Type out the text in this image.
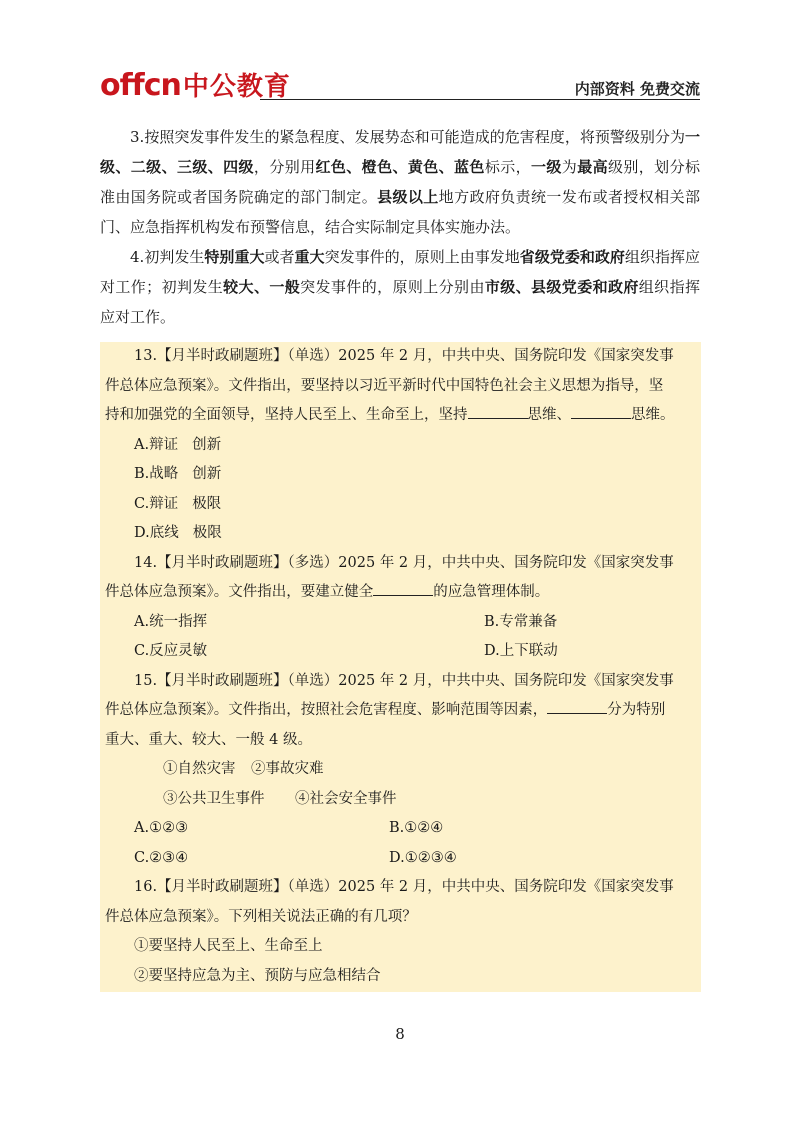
offcn 中公教育	内部资料 免费交流

3.按照突发事件发生的紧急程度、发展势态和可能造成的危害程度，将预警级别分为一级、二级、三级、四级，分别用红色、橙色、黄色、蓝色标示，一级为最高级别，划分标准由国务院或者国务院确定的部门制定。县级以上地方政府负责统一发布或者授权相关部门、应急指挥机构发布预警信息，结合实际制定具体实施办法。

4.初判发生特别重大或者重大突发事件的，原则上由事发地省级党委和政府组织指挥应对工作；初判发生较大、一般突发事件的，原则上分别由市级、县级党委和政府组织指挥应对工作。

13.【月半时政刷题班】（单选）2025 年 2 月，中共中央、国务院印发《国家突发事
件总体应急预案》。文件指出，要坚持以习近平新时代中国特色社会主义思想为指导，坚
持和加强党的全面领导，坚持人民至上、生命至上，坚持	思维、	思维。
A.辩证 创新
B.战略 创新
C.辩证 极限
D.底线 极限
14.【月半时政刷题班】（多选）2025 年 2 月，中共中央、国务院印发《国家突发事
件总体应急预案》。文件指出，要建立健全	的应急管理体制。
A.统一指挥	B.专常兼备
C.反应灵敏	D.上下联动
15.【月半时政刷题班】（单选）2025 年 2 月，中共中央、国务院印发《国家突发事
件总体应急预案》。文件指出，按照社会危害程度、影响范围等因素，	分为特别
重大、重大、较大、一般 4 级。
①自然灾害 ②事故灾难
③公共卫生事件 ④社会安全事件
A.①②③	B.①②④
C.②③④	D.①②③④
16.【月半时政刷题班】（单选）2025 年 2 月，中共中央、国务院印发《国家突发事
件总体应急预案》。下列相关说法正确的有几项？
①要坚持人民至上、生命至上
②要坚持应急为主、预防与应急相结合
8
